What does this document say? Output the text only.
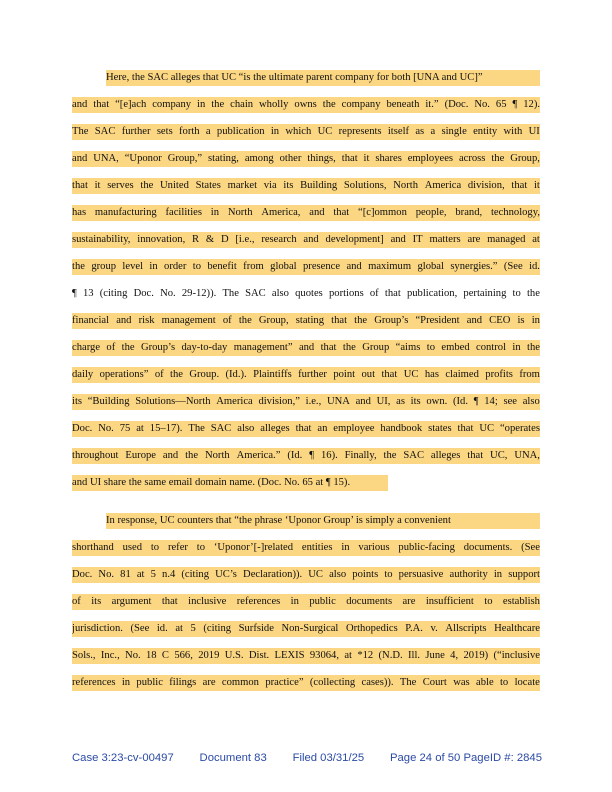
Here, the SAC alleges that UC “is the ultimate parent company for both [UNA and UC]”
and that “[e]ach company in the chain wholly owns the company beneath it.” (Doc. No. 65 ¶ 12).
The SAC further sets forth a publication in which UC represents itself as a single entity with UI
and UNA, “Uponor Group,” stating, among other things, that it shares employees across the Group,
that it serves the United States market via its Building Solutions, North America division, that it
has manufacturing facilities in North America, and that “[c]ommon people, brand, technology,
sustainability, innovation, R & D [i.e., research and development] and IT matters are managed at
the group level in order to benefit from global presence and maximum global synergies.” (See id.
¶ 13 (citing Doc. No. 29-12)). The SAC also quotes portions of that publication, pertaining to the
financial and risk management of the Group, stating that the Group’s “President and CEO is in
charge of the Group’s day-to-day management” and that the Group “aims to embed control in the
daily operations” of the Group. (Id.). Plaintiffs further point out that UC has claimed profits from
its “Building Solutions—North America division,” i.e., UNA and UI, as its own. (Id. ¶ 14; see also
Doc. No. 75 at 15–17). The SAC also alleges that an employee handbook states that UC “operates
throughout Europe and the North America.” (Id. ¶ 16). Finally, the SAC alleges that UC, UNA,
and UI share the same email domain name. (Doc. No. 65 at ¶ 15).
In response, UC counters that “the phrase ‘Uponor Group’ is simply a convenient
shorthand used to refer to ‘Uponor’[-]related entities in various public-facing documents. (See
Doc. No. 81 at 5 n.4 (citing UC’s Declaration)). UC also points to persuasive authority in support
of its argument that inclusive references in public documents are insufficient to establish
jurisdiction. (See id. at 5 (citing Surfside Non-Surgical Orthopedics P.A. v. Allscripts Healthcare
Sols., Inc., No. 18 C 566, 2019 U.S. Dist. LEXIS 93064, at *12 (N.D. Ill. June 4, 2019) (“inclusive
references in public filings are common practice” (collecting cases)). The Court was able to locate
Case 3:23-cv-00497 Document 83 Filed 03/31/25 Page 24 of 50 PageID #: 2845
